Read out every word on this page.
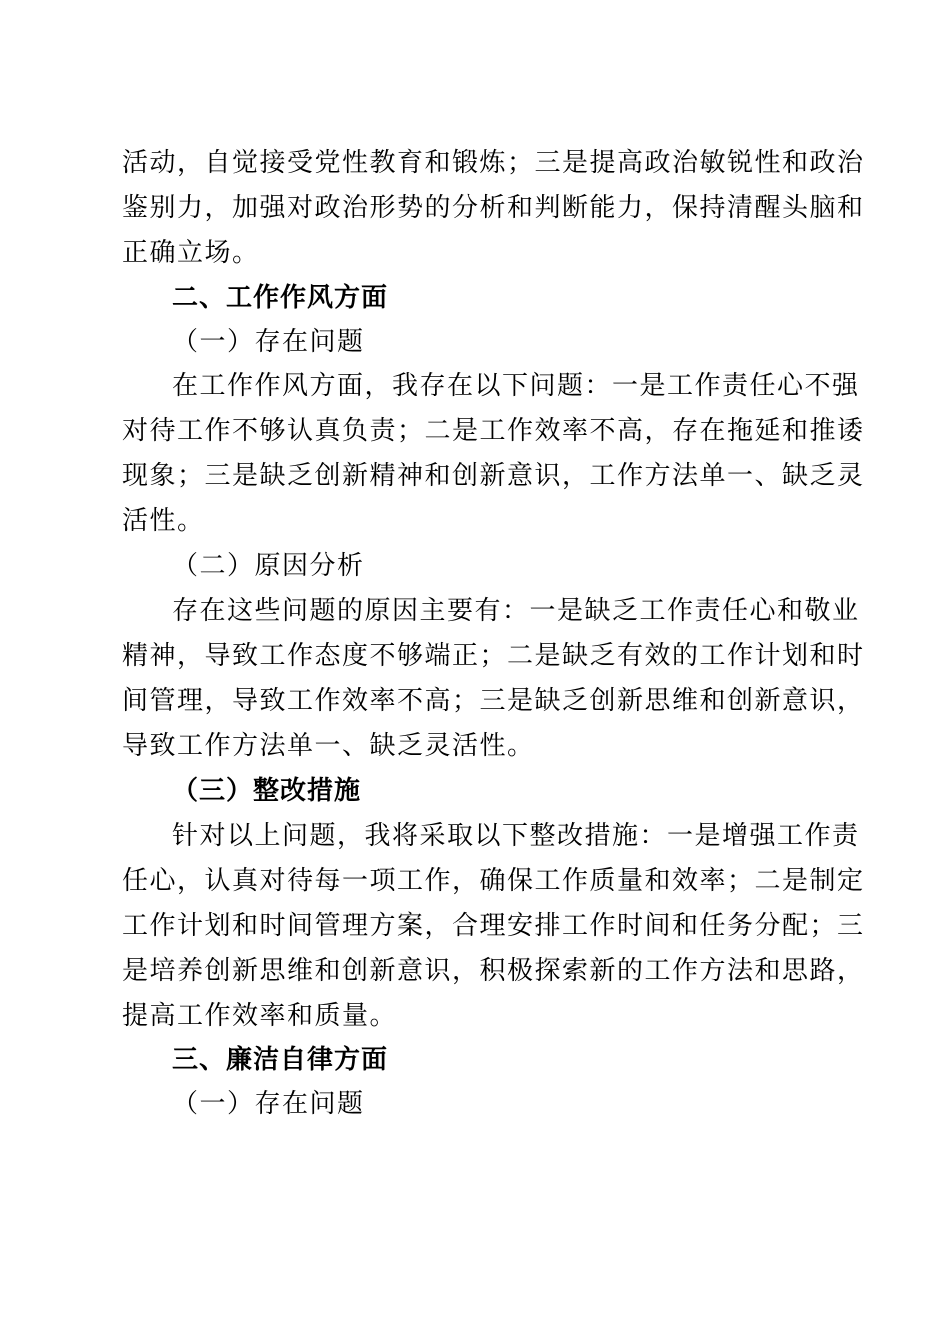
活动，自觉接受党性教育和锻炼；三是提高政治敏锐性和政治
鉴别力，加强对政治形势的分析和判断能力，保持清醒头脑和
正确立场。
二、工作作风方面
（一）存在问题
在工作作风方面，我存在以下问题：一是工作责任心不强
对待工作不够认真负责；二是工作效率不高，存在拖延和推诿
现象；三是缺乏创新精神和创新意识，工作方法单一、缺乏灵
活性。
（二）原因分析
存在这些问题的原因主要有：一是缺乏工作责任心和敬业
精神，导致工作态度不够端正；二是缺乏有效的工作计划和时
间管理，导致工作效率不高；三是缺乏创新思维和创新意识，
导致工作方法单一、缺乏灵活性。
（三）整改措施
针对以上问题，我将采取以下整改措施：一是增强工作责
任心，认真对待每一项工作，确保工作质量和效率；二是制定
工作计划和时间管理方案，合理安排工作时间和任务分配；三
是培养创新思维和创新意识，积极探索新的工作方法和思路，
提高工作效率和质量。
三、廉洁自律方面
（一）存在问题
